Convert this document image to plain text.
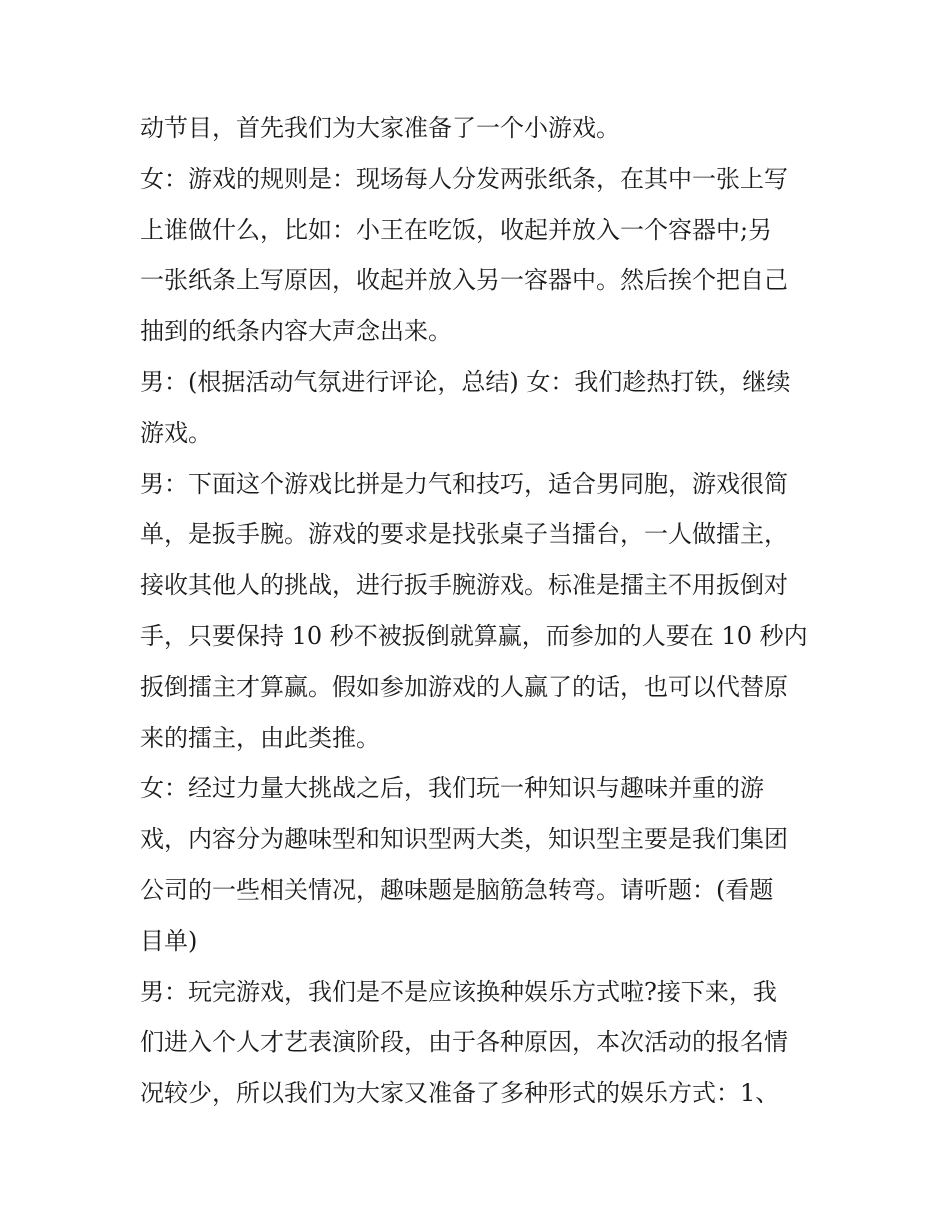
动节目，首先我们为大家准备了一个小游戏。
女：游戏的规则是：现场每人分发两张纸条，在其中一张上写
上谁做什么，比如：小王在吃饭，收起并放入一个容器中;另
一张纸条上写原因，收起并放入另一容器中。然后挨个把自己
抽到的纸条内容大声念出来。
男：(根据活动气氛进行评论，总结) 女：我们趁热打铁，继续
游戏。
男：下面这个游戏比拼是力气和技巧，适合男同胞，游戏很简
单，是扳手腕。游戏的要求是找张桌子当擂台，一人做擂主，
接收其他人的挑战，进行扳手腕游戏。标准是擂主不用扳倒对
手，只要保持 10 秒不被扳倒就算赢，而参加的人要在 10 秒内
扳倒擂主才算赢。假如参加游戏的人赢了的话，也可以代替原
来的擂主，由此类推。
女：经过力量大挑战之后，我们玩一种知识与趣味并重的游
戏，内容分为趣味型和知识型两大类，知识型主要是我们集团
公司的一些相关情况，趣味题是脑筋急转弯。请听题：(看题
目单)
男：玩完游戏，我们是不是应该换种娱乐方式啦?接下来，我
们进入个人才艺表演阶段，由于各种原因，本次活动的报名情
况较少，所以我们为大家又准备了多种形式的娱乐方式：1、
